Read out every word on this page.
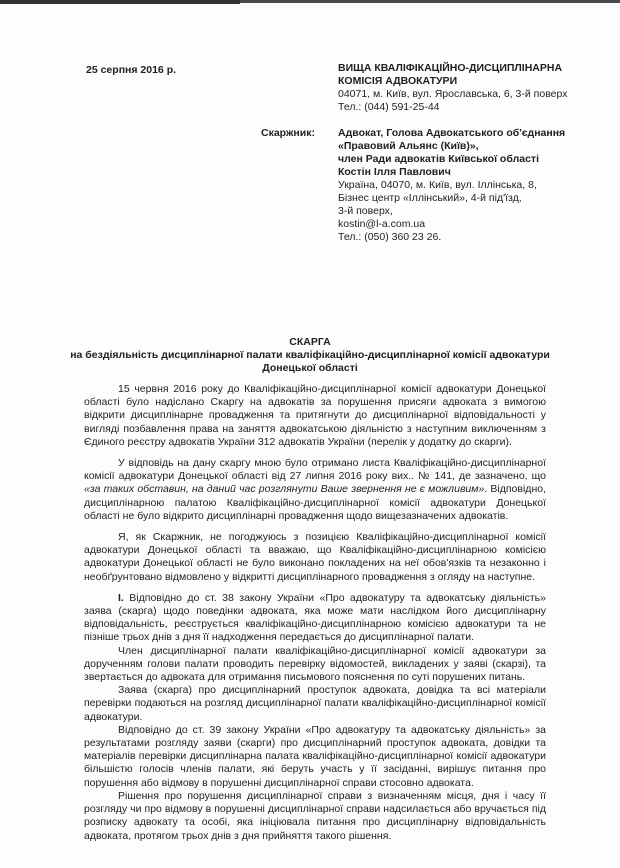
25 серпня 2016 р.	ВИЩА КВАЛІФІКАЦІЙНО-ДИСЦИПЛІНАРНА
КОМІСІЯ АДВОКАТУРИ
04071, м. Київ, вул. Ярославська, 6, 3-й поверх
Тел.: (044) 591-25-44
Скаржник: Адвокат, Голова Адвокатського об'єднання
«Правовий Альянс (Київ)»,
член Ради адвокатів Київської області
Костін Ілля Павлович
Україна, 04070, м. Київ, вул. Іллінська, 8,
Бізнес центр «Іллінський», 4-й під'їзд,
3-й поверх,
kostin@l-a.com.ua
Тел.: (050) 360 23 26.
СКАРГА
на бездіяльність дисциплінарної палати кваліфікаційно-дисциплінарної комісії адвокатури
Донецької області

15 червня 2016 року до Кваліфікаційно-дисциплінарної комісії адвокатури Донецької області було надіслано Скаргу на адвокатів за порушення присяги адвоката з вимогою відкрити дисциплінарне провадження та притягнути до дисциплінарної відповідальності у вигляді позбавлення права на заняття адвокатською діяльністю з наступним виключенням з Єдиного реєстру адвокатів України 312 адвокатів України (перелік у додатку до скарги).

У відповідь на дану скаргу мною було отримано листа Кваліфікаційно-дисциплінарної комісії адвокатури Донецької області від 27 липня 2016 року вих.. № 141, де зазначено, що «за таких обставин, на даний час розглянути Ваше звернення не є можливим». Відповідно, дисциплінарною палатою Кваліфікаційно-дисциплінарної комісії адвокатури Донецької області не було відкрито дисциплінарні провадження щодо вищезазначених адвокатів.

Я, як Скаржник, не погоджуюсь з позицією Кваліфікаційно-дисциплінарної комісії адвокатури Донецької області та вважаю, що Кваліфікаційно-дисциплінарною комісією адвокатури Донецької області не було виконано покладених на неї обов'язків та незаконно і необґрунтовано відмовлено у відкритті дисциплінарного провадження з огляду на наступне.

І. Відповідно до ст. 38 закону України «Про адвокатуру та адвокатську діяльність» заява (скарга) щодо поведінки адвоката, яка може мати наслідком його дисциплінарну відповідальність, реєструється кваліфікаційно-дисциплінарною комісією адвокатури та не пізніше трьох днів з дня її надходження передається до дисциплінарної палати.

Член дисциплінарної палати кваліфікаційно-дисциплінарної комісії адвокатури за дорученням голови палати проводить перевірку відомостей, викладених у заяві (скарзі), та звертається до адвоката для отримання письмового пояснення по суті порушених питань.

Заява (скарга) про дисциплінарний проступок адвоката, довідка та всі матеріали перевірки подаються на розгляд дисциплінарної палати кваліфікаційно-дисциплінарної комісії адвокатури.

Відповідно до ст. 39 закону України «Про адвокатуру та адвокатську діяльність» за результатами розгляду заяви (скарги) про дисциплінарний проступок адвоката, довідки та матеріалів перевірки дисциплінарна палата кваліфікаційно-дисциплінарної комісії адвокатури більшістю голосів членів палати, які беруть участь у її засіданні, вирішує питання про порушення або відмову в порушенні дисциплінарної справи стосовно адвоката.

Рішення про порушення дисциплінарної справи з визначенням місця, дня і часу її розгляду чи про відмову в порушенні дисциплінарної справи надсилається або вручається під розписку адвокату та особі, яка ініціювала питання про дисциплінарну відповідальність адвоката, протягом трьох днів з дня прийняття такого рішення.
